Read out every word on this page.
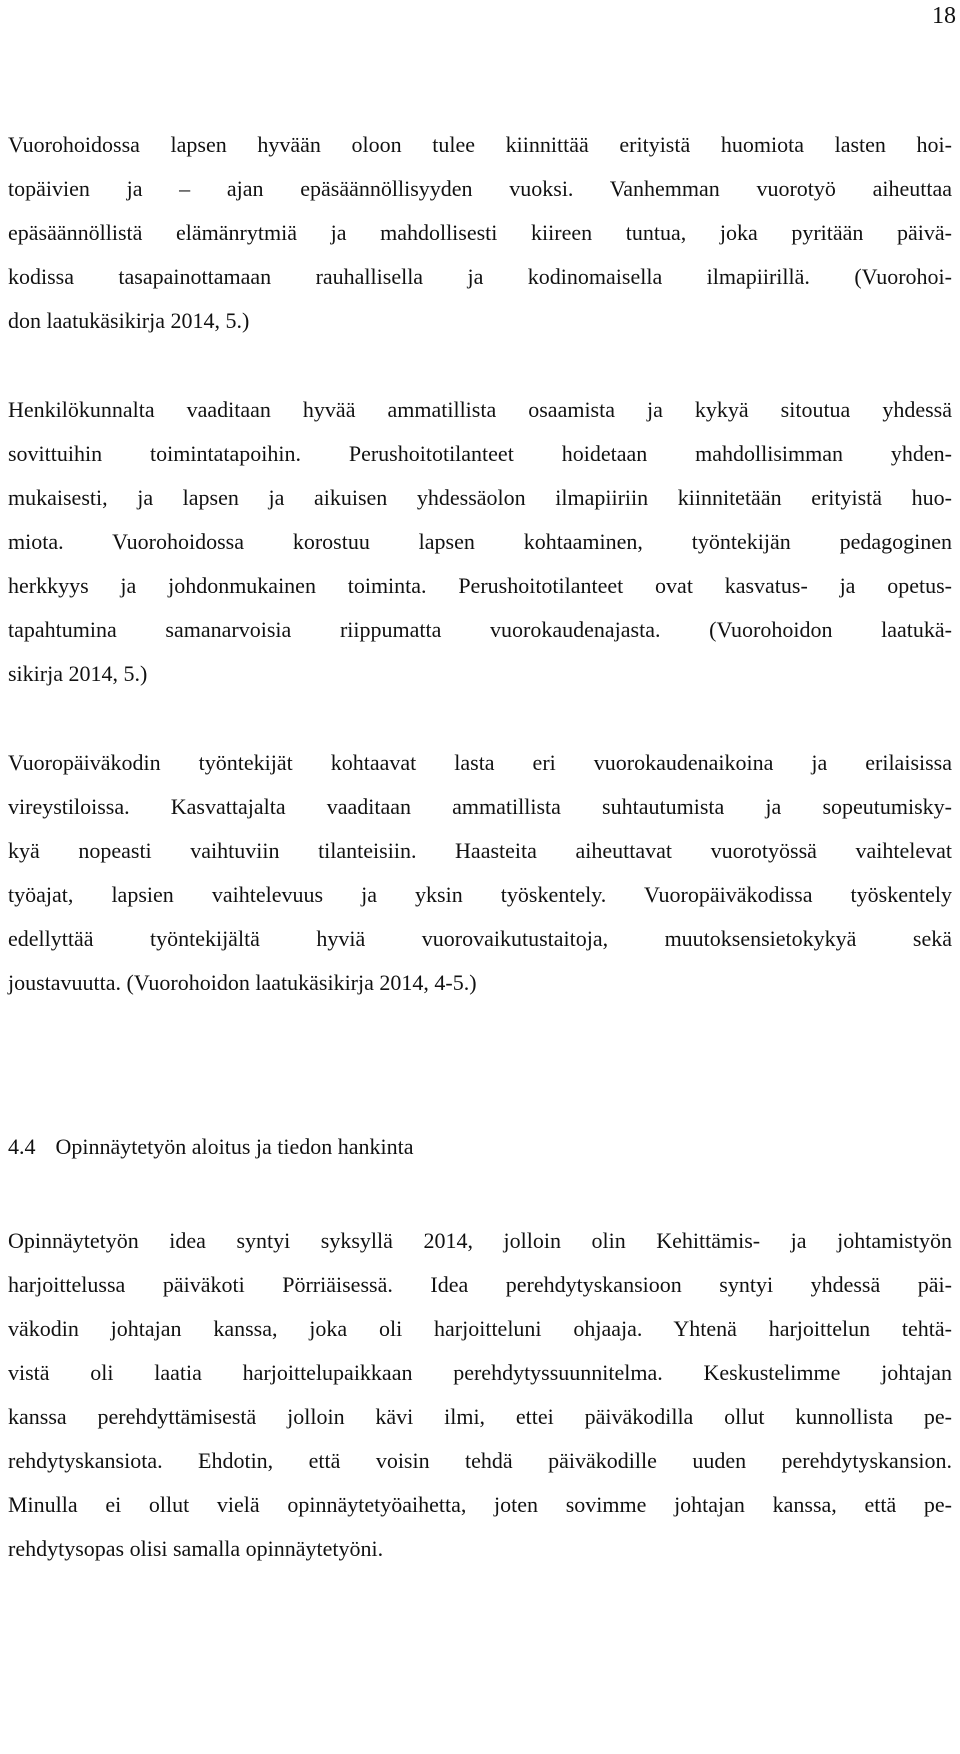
18
Vuorohoidossa lapsen hyvään oloon tulee kiinnittää erityistä huomiota lasten hoi-
topäivien ja – ajan epäsäännöllisyyden vuoksi. Vanhemman vuorotyö aiheuttaa
epäsäännöllistä elämänrytmiä ja mahdollisesti kiireen tuntua, joka pyritään päivä-
kodissa tasapainottamaan rauhallisella ja kodinomaisella ilmapiirillä. (Vuorohoi-
don laatukäsikirja 2014, 5.)
Henkilökunnalta vaaditaan hyvää ammatillista osaamista ja kykyä sitoutua yhdessä
sovittuihin toimintatapoihin. Perushoitotilanteet hoidetaan mahdollisimman yhden-
mukaisesti, ja lapsen ja aikuisen yhdessäolon ilmapiiriin kiinnitetään erityistä huo-
miota. Vuorohoidossa korostuu lapsen kohtaaminen, työntekijän pedagoginen
herkkyys ja johdonmukainen toiminta. Perushoitotilanteet ovat kasvatus- ja opetus-
tapahtumina samanarvoisia riippumatta vuorokaudenajasta. (Vuorohoidon laatukä-
sikirja 2014, 5.)
Vuoropäiväkodin työntekijät kohtaavat lasta eri vuorokaudenaikoina ja erilaisissa
vireystiloissa. Kasvattajalta vaaditaan ammatillista suhtautumista ja sopeutumisky-
kyä nopeasti vaihtuviin tilanteisiin. Haasteita aiheuttavat vuorotyössä vaihtelevat
työajat, lapsien vaihtelevuus ja yksin työskentely. Vuoropäiväkodissa työskentely
edellyttää työntekijältä hyviä vuorovaikutustaitoja, muutoksensietokykyä sekä
joustavuutta. (Vuorohoidon laatukäsikirja 2014, 4-5.)
4.4 Opinnäytetyön aloitus ja tiedon hankinta
Opinnäytetyön idea syntyi syksyllä 2014, jolloin olin Kehittämis- ja johtamistyön
harjoittelussa päiväkoti Pörriäisessä. Idea perehdytyskansioon syntyi yhdessä päi-
väkodin johtajan kanssa, joka oli harjoitteluni ohjaaja. Yhtenä harjoittelun tehtä-
vistä oli laatia harjoittelupaikkaan perehdytyssuunnitelma. Keskustelimme johtajan
kanssa perehdyttämisestä jolloin kävi ilmi, ettei päiväkodilla ollut kunnollista pe-
rehdytyskansiota. Ehdotin, että voisin tehdä päiväkodille uuden perehdytyskansion.
Minulla ei ollut vielä opinnäytetyöaihetta, joten sovimme johtajan kanssa, että pe-
rehdytysopas olisi samalla opinnäytetyöni.
